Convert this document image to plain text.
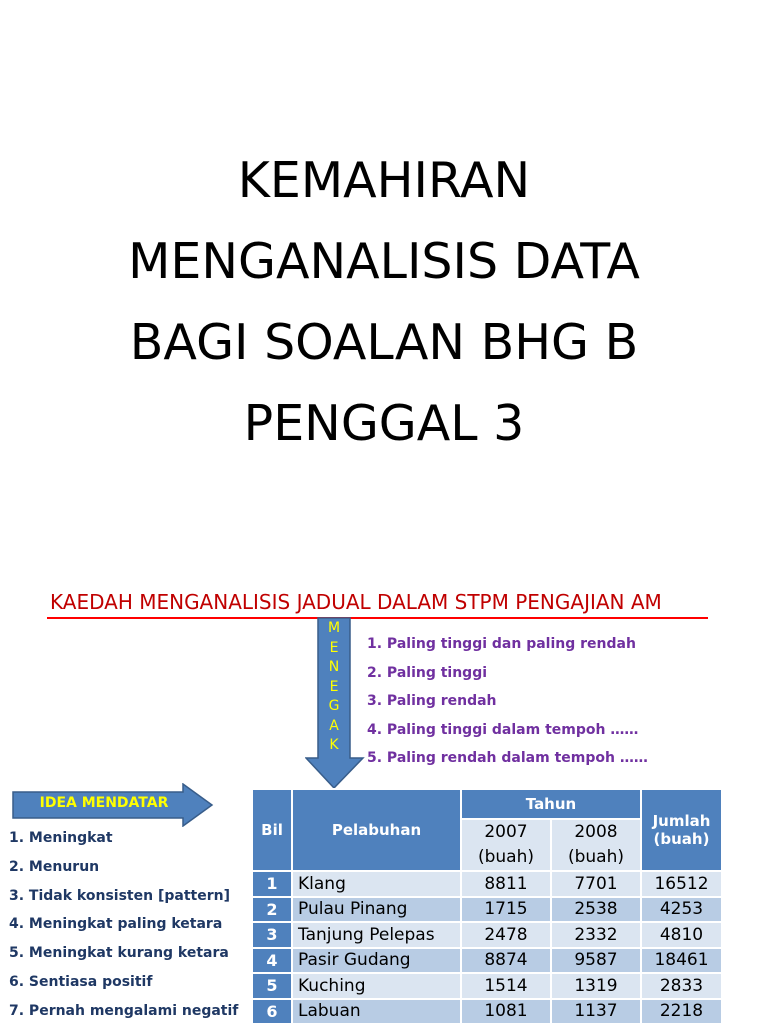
KEMAHIRAN
MENGANALISIS DATA
BAGI SOALAN BHG B
PENGGAL 3
KAEDAH MENGANALISIS JADUAL DALAM STPM PENGAJIAN AM
M
E
N
E
G
A
K
1. Paling tinggi dan paling rendah
2. Paling tinggi
3. Paling rendah
4. Paling tinggi dalam tempoh ……
5. Paling rendah dalam tempoh ……
IDEA MENDATAR
1. Meningkat
2. Menurun
3. Tidak konsisten [pattern]
4. Meningkat paling ketara
5. Meningkat kurang ketara
6. Sentiasa positif
7. Pernah mengalami negatif
Bil	Pelabuhan	Tahun		Jumlah (buah)
		2007 (buah)	2008 (buah)	
1	Klang	8811	7701	16512
2	Pulau Pinang	1715	2538	4253
3	Tanjung Pelepas	2478	2332	4810
4	Pasir Gudang	8874	9587	18461
5	Kuching	1514	1319	2833
6	Labuan	1081	1137	2218
